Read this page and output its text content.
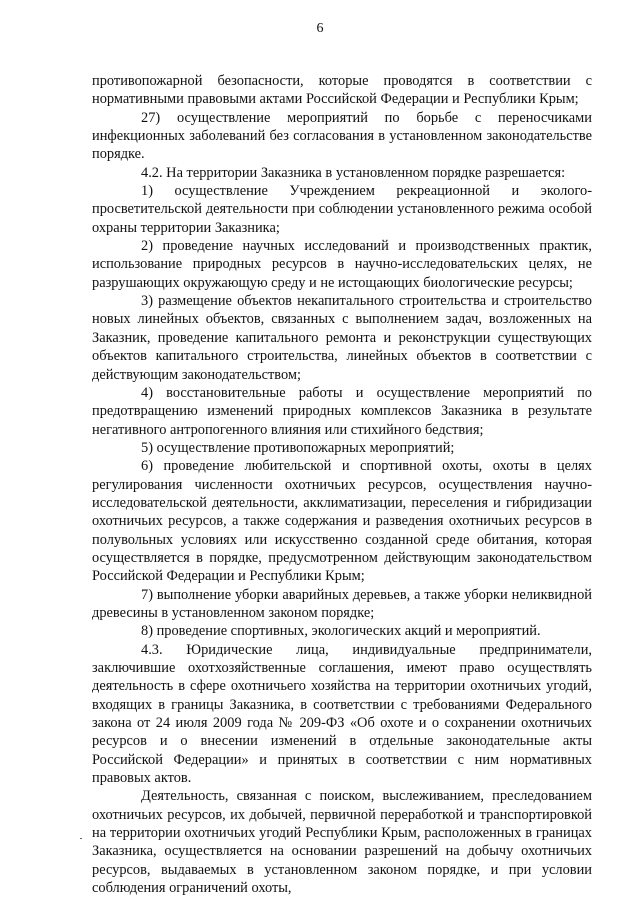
6

противопожарной безопасности, которые проводятся в соответствии с нормативными правовыми актами Российской Федерации и Республики Крым;

27) осуществление мероприятий по борьбе с переносчиками инфекционных заболеваний без согласования в установленном законодательстве порядке.

4.2. На территории Заказника в установленном порядке разрешается:

1) осуществление Учреждением рекреационной и эколого-просветительской деятельности при соблюдении установленного режима особой охраны территории Заказника;

2) проведение научных исследований и производственных практик, использование природных ресурсов в научно-исследовательских целях, не разрушающих окружающую среду и не истощающих биологические ресурсы;

3) размещение объектов некапитального строительства и строительство новых линейных объектов, связанных с выполнением задач, возложенных на Заказник, проведение капитального ремонта и реконструкции существующих объектов капитального строительства, линейных объектов в соответствии с действующим законодательством;

4) восстановительные работы и осуществление мероприятий по предотвращению изменений природных комплексов Заказника в результате негативного антропогенного влияния или стихийного бедствия;

5) осуществление противопожарных мероприятий;

6) проведение любительской и спортивной охоты, охоты в целях регулирования численности охотничьих ресурсов, осуществления научно-исследовательской деятельности, акклиматизации, переселения и гибридизации охотничьих ресурсов, а также содержания и разведения охотничьих ресурсов в полувольных условиях или искусственно созданной среде обитания, которая осуществляется в порядке, предусмотренном действующим законодательством Российской Федерации и Республики Крым;

7) выполнение уборки аварийных деревьев, а также уборки неликвидной древесины в установленном законом порядке;

8) проведение спортивных, экологических акций и мероприятий.

4.3. Юридические лица, индивидуальные предприниматели, заключившие охотхозяйственные соглашения, имеют право осуществлять деятельность в сфере охотничьего хозяйства на территории охотничьих угодий, входящих в границы Заказника, в соответствии с требованиями Федерального закона от 24 июля 2009 года № 209-ФЗ «Об охоте и о сохранении охотничьих ресурсов и о внесении изменений в отдельные законодательные акты Российской Федерации» и принятых в соответствии с ним нормативных правовых актов.

Деятельность, связанная с поиском, выслеживанием, преследованием охотничьих ресурсов, их добычей, первичной переработкой и транспортировкой на территории охотничьих угодий Республики Крым, расположенных в границах Заказника, осуществляется на основании разрешений на добычу охотничьих ресурсов, выдаваемых в установленном законом порядке, и при условии соблюдения ограничений охоты,
